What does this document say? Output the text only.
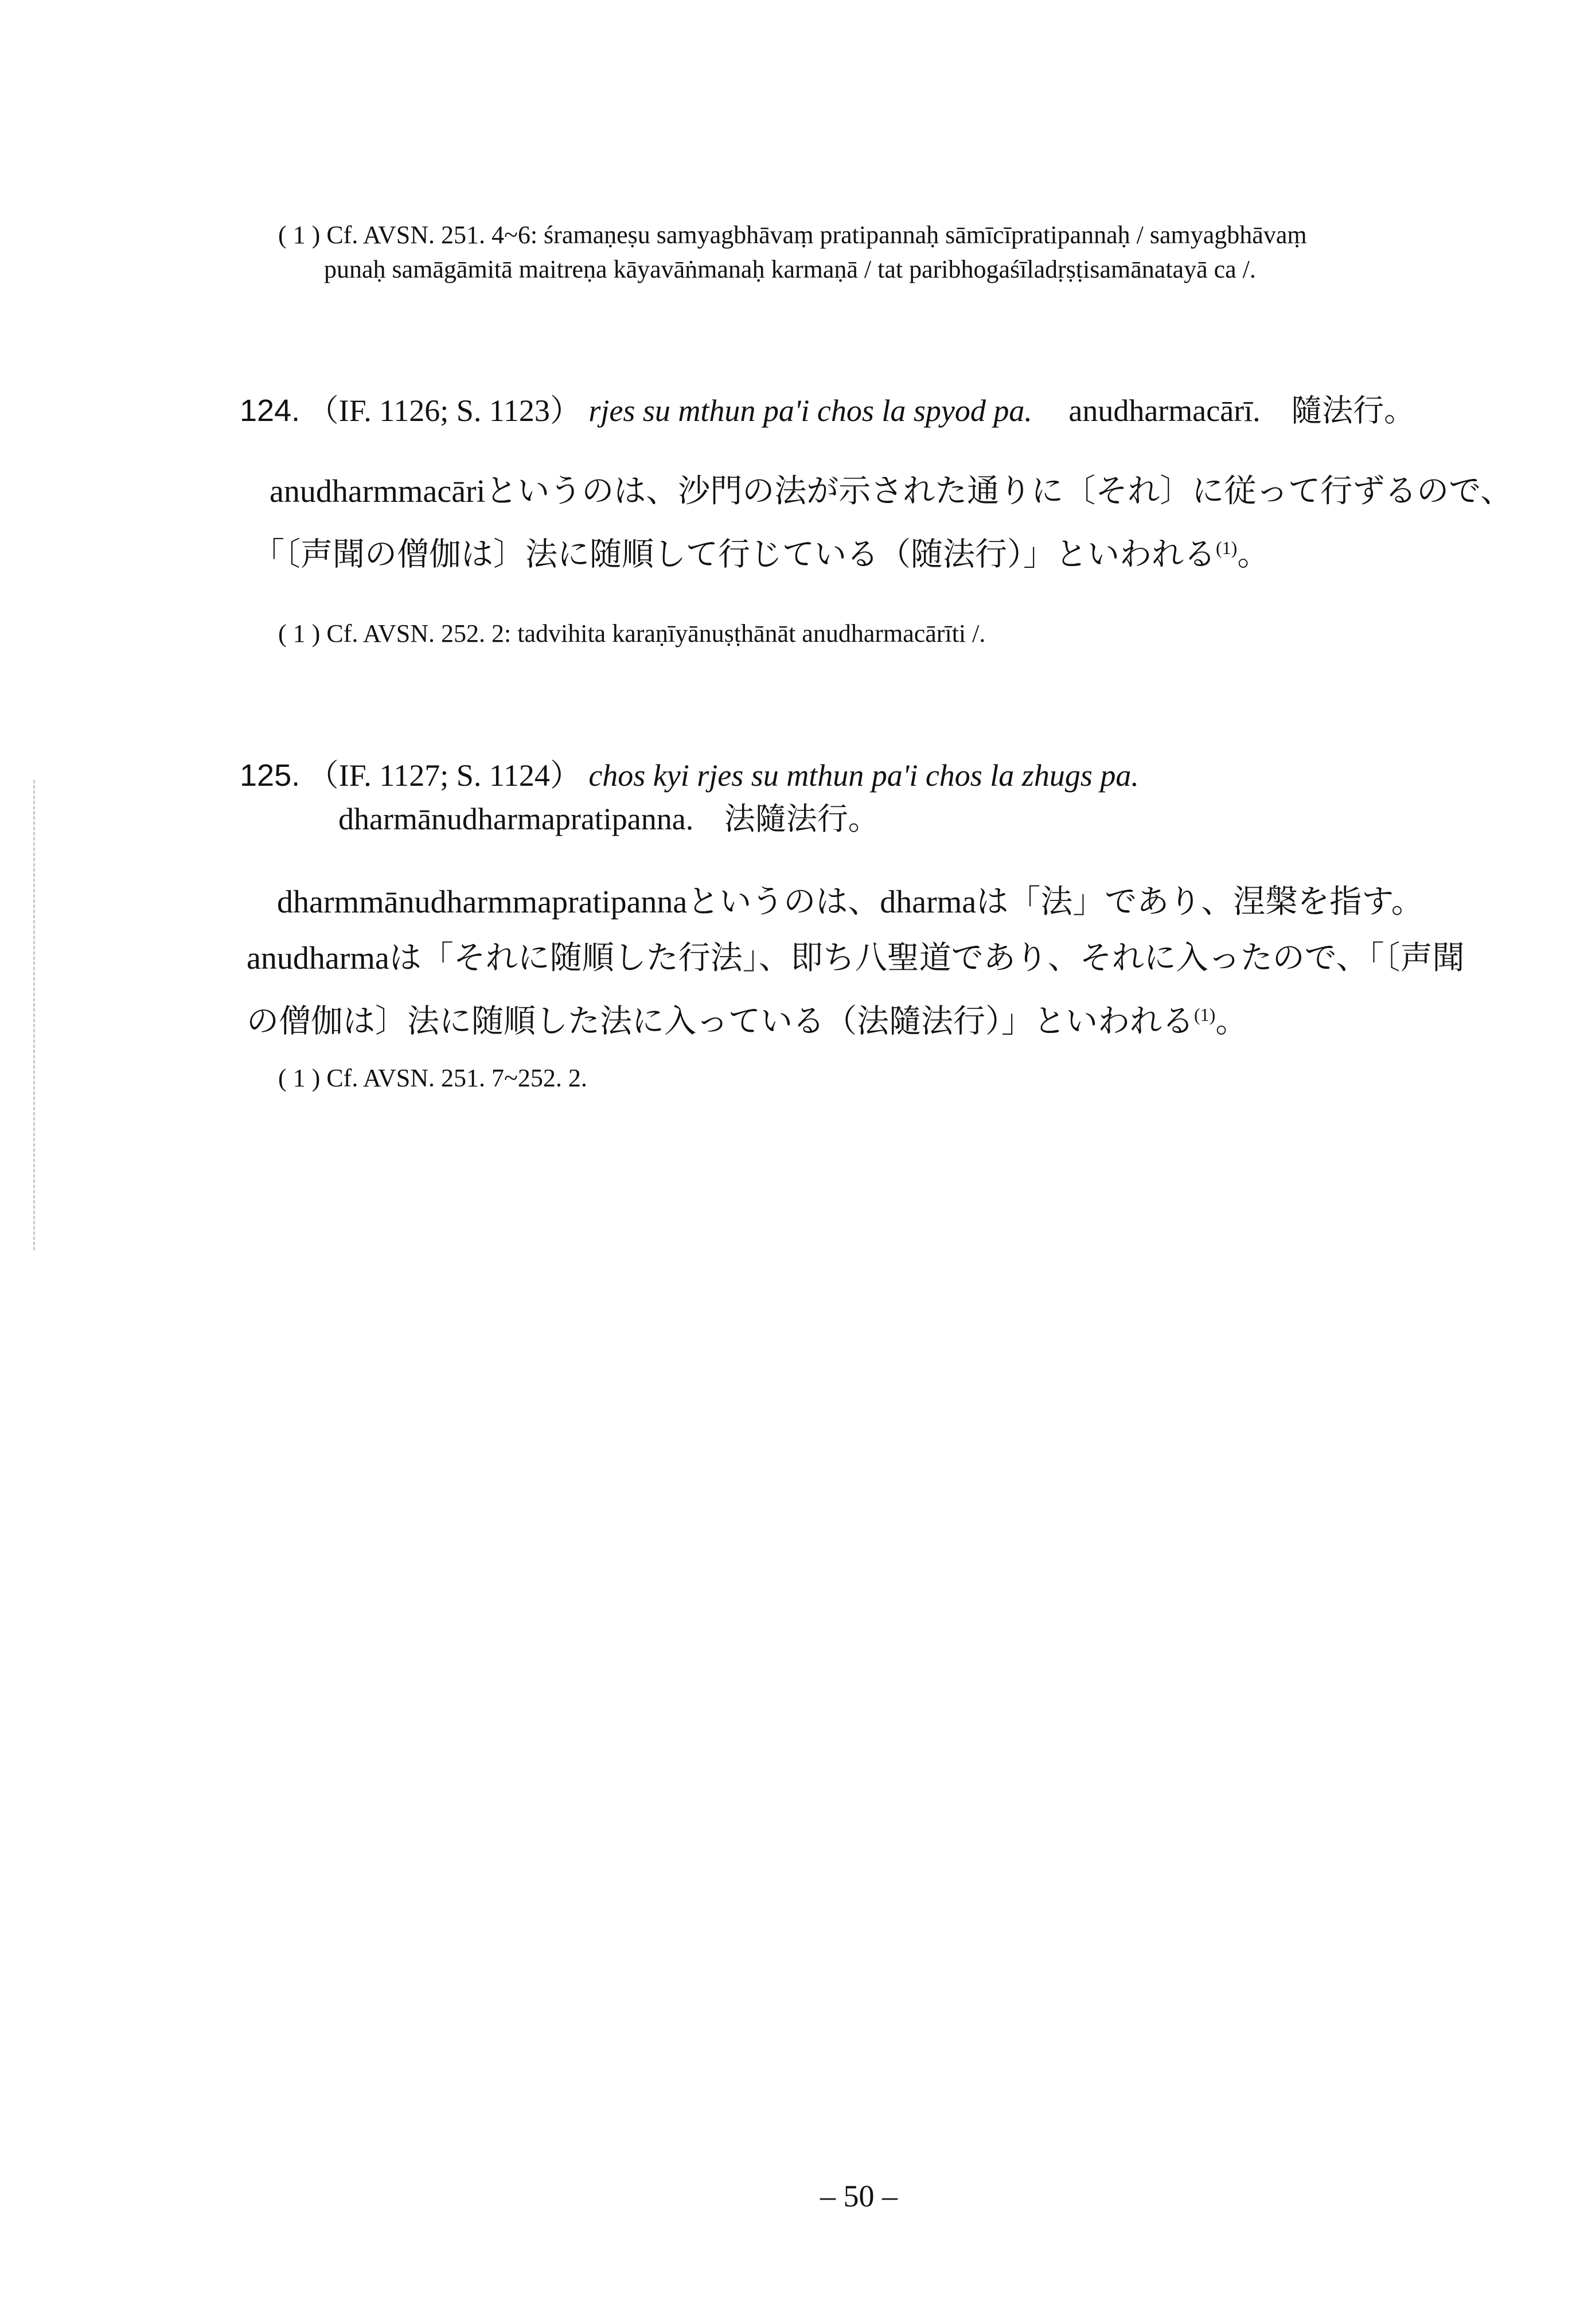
( 1 ) Cf. AVSN. 251. 4~6: śramaṇeṣu samyagbhāvaṃ pratipannaḥ sāmīcīpratipannaḥ / samyagbhāvaṃ
punaḥ samāgāmitā maitreṇa kāyavāṅmanaḥ karmaṇā / tat paribhogaśīladṛṣṭisamānatayā ca /.
124. （IF. 1126; S. 1123） rjes su mthun pa'i chos la spyod pa. anudharmacārī. 隨法行。
anudharmmacāriというのは、沙門の法が示された通りに〔それ〕に従って行ずるので、
「〔声聞の僧伽は〕法に随順して行じている（随法行）」といわれる$^{(1)}$。
( 1 ) Cf. AVSN. 252. 2: tadvihita karaṇīyānuṣṭhānāt anudharmacārīti /.
125. （IF. 1127; S. 1124） chos kyi rjes su mthun pa'i chos la zhugs pa.
dharmānudharmapratipanna. 法隨法行。
dharmmānudharmmapratipannaというのは、dharmaは「法」であり、涅槃を指す。
anudharmaは「それに随順した行法」、即ち八聖道であり、それに入ったので、「〔声聞
の僧伽は〕法に随順した法に入っている（法隨法行）」といわれる$^{(1)}$。
( 1 ) Cf. AVSN. 251. 7~252. 2.
– 50 –
